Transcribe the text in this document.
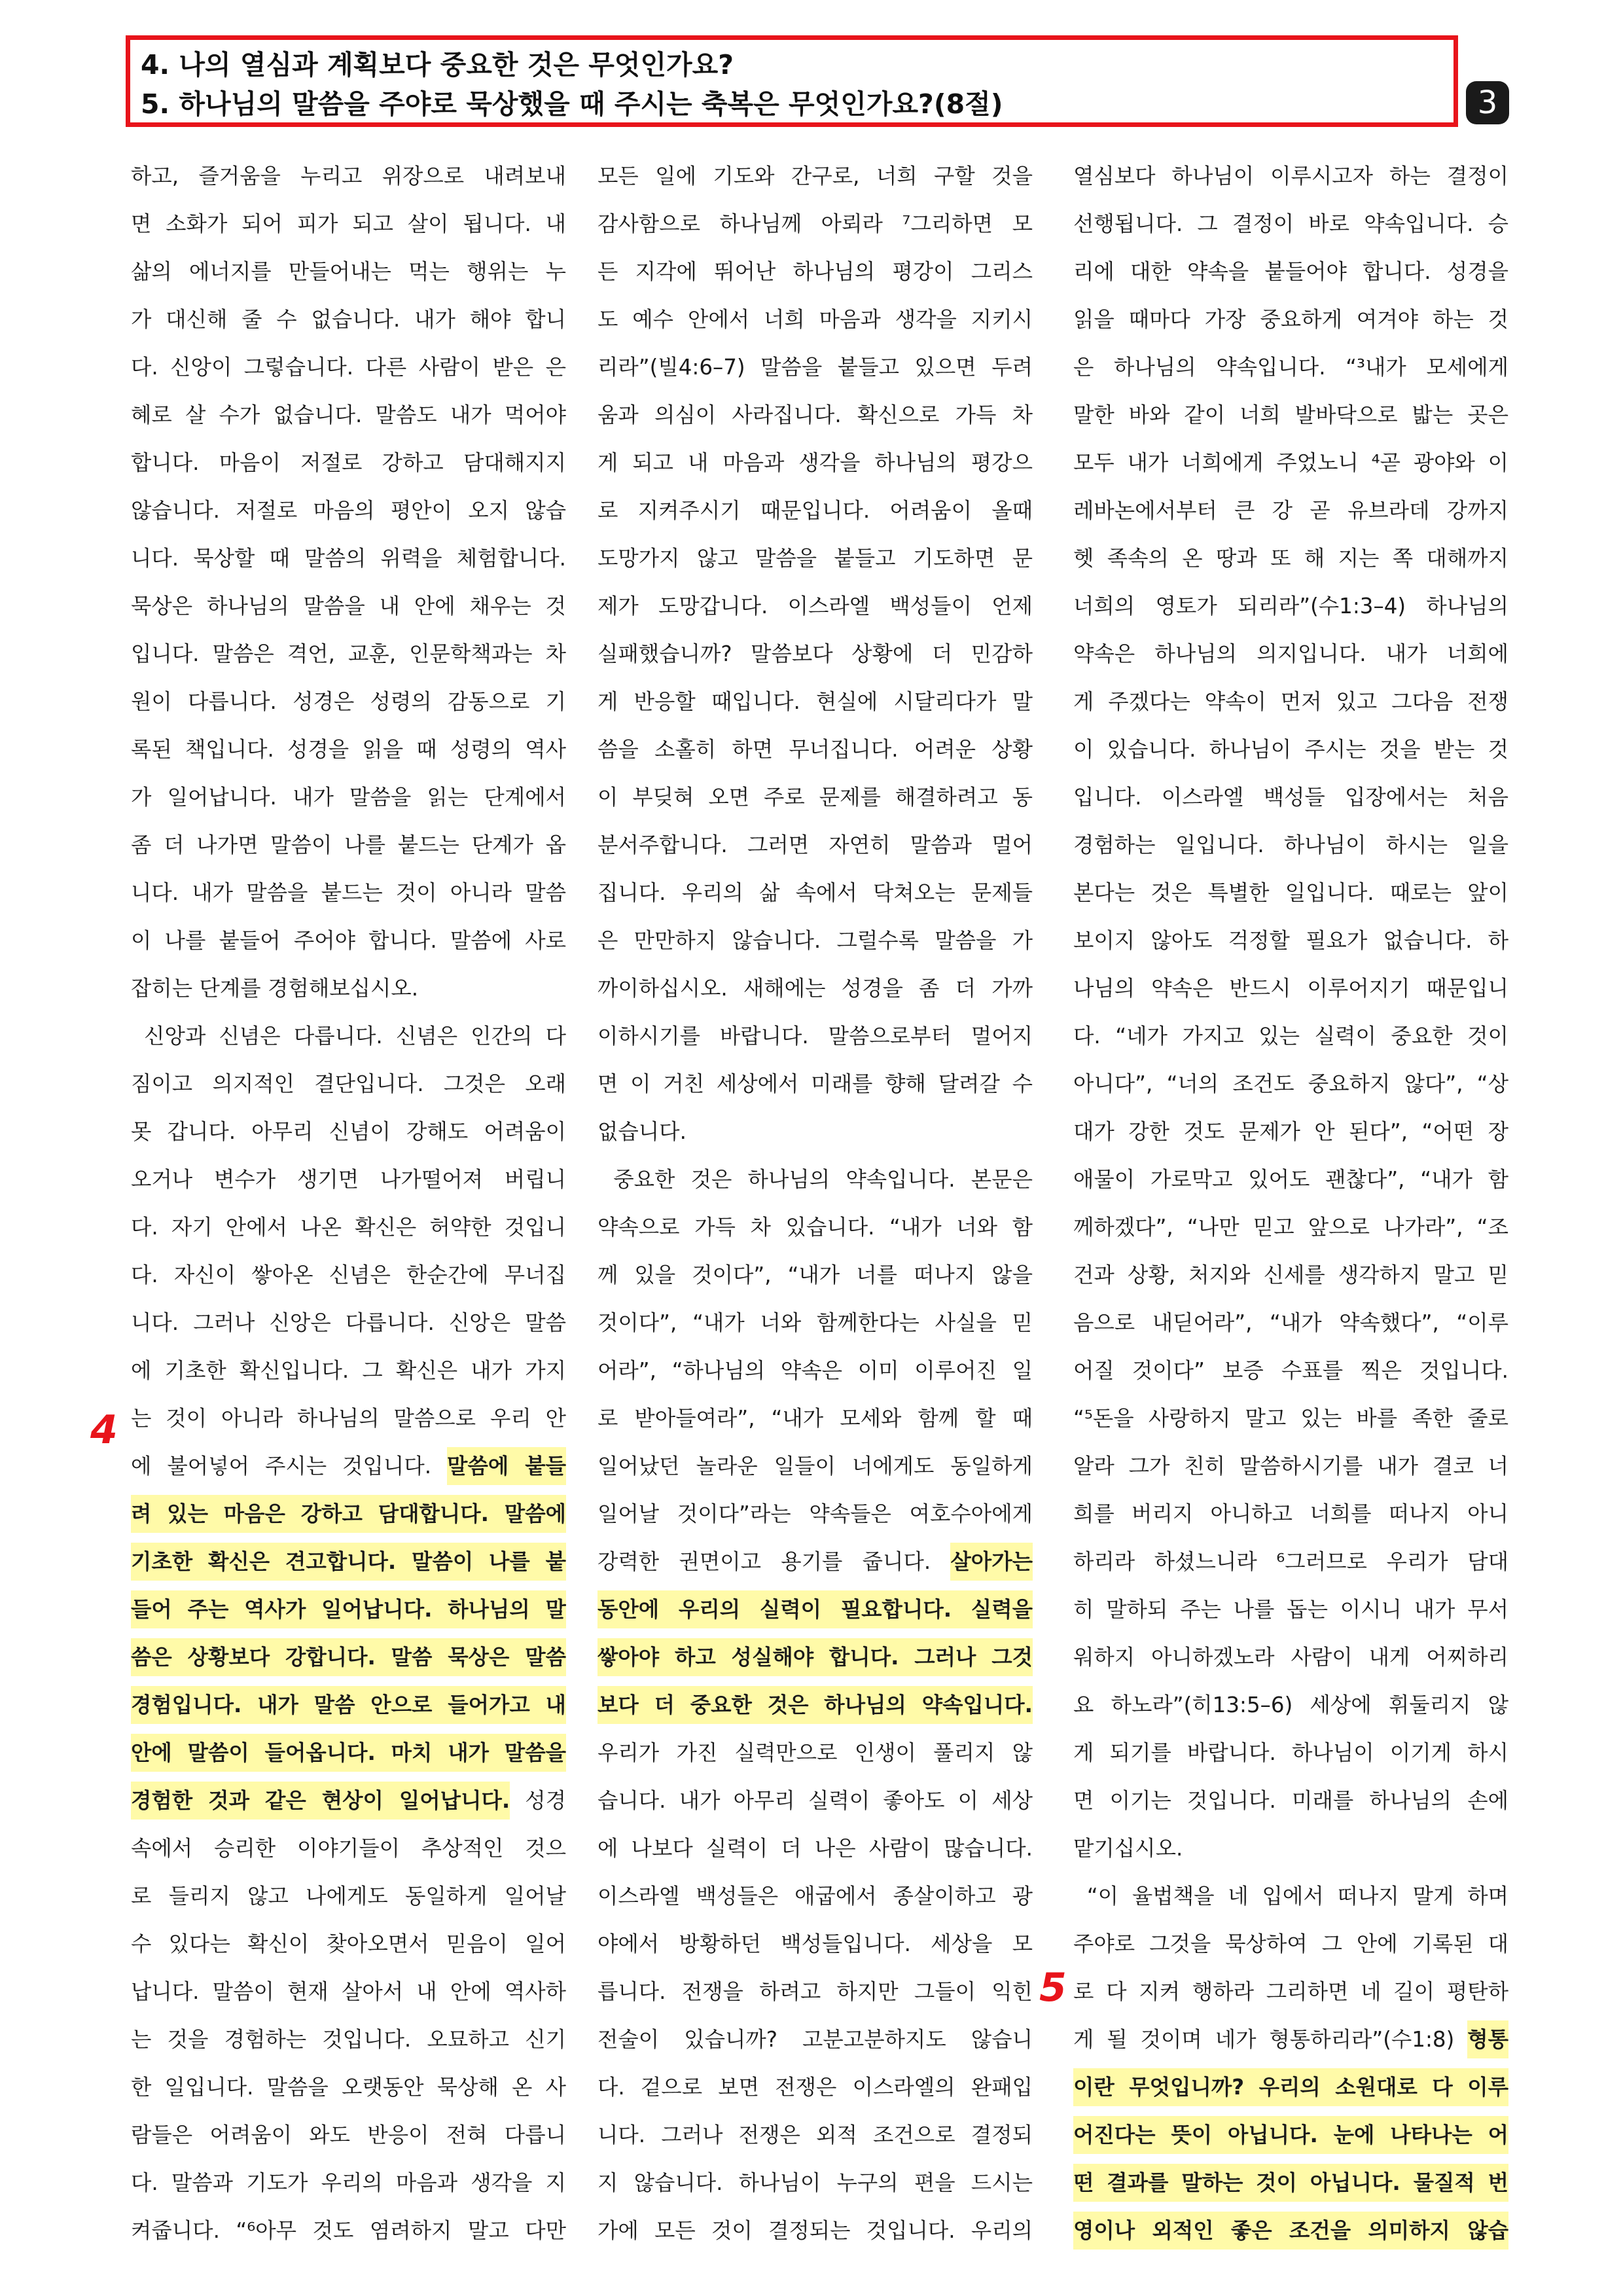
4. 나의 열심과 계획보다 중요한 것은 무엇인가요?
5. 하나님의 말씀을 주야로 묵상했을 때 주시는 축복은 무엇인가요?(8절)	3
4
5
하고, 즐거움을 누리고 위장으로 내려보내
면 소화가 되어 피가 되고 살이 됩니다. 내
삶의 에너지를 만들어내는 먹는 행위는 누
가 대신해 줄 수 없습니다. 내가 해야 합니
다. 신앙이 그렇습니다. 다른 사람이 받은 은
혜로 살 수가 없습니다. 말씀도 내가 먹어야
합니다. 마음이 저절로 강하고 담대해지지
않습니다. 저절로 마음의 평안이 오지 않습
니다. 묵상할 때 말씀의 위력을 체험합니다.
묵상은 하나님의 말씀을 내 안에 채우는 것
입니다. 말씀은 격언, 교훈, 인문학책과는 차
원이 다릅니다. 성경은 성령의 감동으로 기
록된 책입니다. 성경을 읽을 때 성령의 역사
가 일어납니다. 내가 말씀을 읽는 단계에서
좀 더 나가면 말씀이 나를 붙드는 단계가 옵
니다. 내가 말씀을 붙드는 것이 아니라 말씀
이 나를 붙들어 주어야 합니다. 말씀에 사로
잡히는 단계를 경험해보십시오.
신앙과 신념은 다릅니다. 신념은 인간의 다
짐이고 의지적인 결단입니다. 그것은 오래
못 갑니다. 아무리 신념이 강해도 어려움이
오거나 변수가 생기면 나가떨어져 버립니
다. 자기 안에서 나온 확신은 허약한 것입니
다. 자신이 쌓아온 신념은 한순간에 무너집
니다. 그러나 신앙은 다릅니다. 신앙은 말씀
에 기초한 확신입니다. 그 확신은 내가 가지
는 것이 아니라 하나님의 말씀으로 우리 안
에 불어넣어 주시는 것입니다. 말씀에 붙들
려 있는 마음은 강하고 담대합니다. 말씀에
기초한 확신은 견고합니다. 말씀이 나를 붙
들어 주는 역사가 일어납니다. 하나님의 말
씀은 상황보다 강합니다. 말씀 묵상은 말씀
경험입니다. 내가 말씀 안으로 들어가고 내
안에 말씀이 들어옵니다. 마치 내가 말씀을
경험한 것과 같은 현상이 일어납니다. 성경
속에서 승리한 이야기들이 추상적인 것으
로 들리지 않고 나에게도 동일하게 일어날
수 있다는 확신이 찾아오면서 믿음이 일어
납니다. 말씀이 현재 살아서 내 안에 역사하
는 것을 경험하는 것입니다. 오묘하고 신기
한 일입니다. 말씀을 오랫동안 묵상해 온 사
람들은 어려움이 와도 반응이 전혀 다릅니
다. 말씀과 기도가 우리의 마음과 생각을 지
켜줍니다. “⁶아무 것도 염려하지 말고 다만
모든 일에 기도와 간구로, 너희 구할 것을
감사함으로 하나님께 아뢰라 ⁷그리하면 모
든 지각에 뛰어난 하나님의 평강이 그리스
도 예수 안에서 너희 마음과 생각을 지키시
리라”(빌4:6–7) 말씀을 붙들고 있으면 두려
움과 의심이 사라집니다. 확신으로 가득 차
게 되고 내 마음과 생각을 하나님의 평강으
로 지켜주시기 때문입니다. 어려움이 올때
도망가지 않고 말씀을 붙들고 기도하면 문
제가 도망갑니다. 이스라엘 백성들이 언제
실패했습니까? 말씀보다 상황에 더 민감하
게 반응할 때입니다. 현실에 시달리다가 말
씀을 소홀히 하면 무너집니다. 어려운 상황
이 부딪혀 오면 주로 문제를 해결하려고 동
분서주합니다. 그러면 자연히 말씀과 멀어
집니다. 우리의 삶 속에서 닥쳐오는 문제들
은 만만하지 않습니다. 그럴수록 말씀을 가
까이하십시오. 새해에는 성경을 좀 더 가까
이하시기를 바랍니다. 말씀으로부터 멀어지
면 이 거친 세상에서 미래를 향해 달려갈 수
없습니다.
중요한 것은 하나님의 약속입니다. 본문은
약속으로 가득 차 있습니다. “내가 너와 함
께 있을 것이다”, “내가 너를 떠나지 않을
것이다”, “내가 너와 함께한다는 사실을 믿
어라”, “하나님의 약속은 이미 이루어진 일
로 받아들여라”, “내가 모세와 함께 할 때
일어났던 놀라운 일들이 너에게도 동일하게
일어날 것이다”라는 약속들은 여호수아에게
강력한 권면이고 용기를 줍니다. 살아가는
동안에 우리의 실력이 필요합니다. 실력을
쌓아야 하고 성실해야 합니다. 그러나 그것
보다 더 중요한 것은 하나님의 약속입니다.
우리가 가진 실력만으로 인생이 풀리지 않
습니다. 내가 아무리 실력이 좋아도 이 세상
에 나보다 실력이 더 나은 사람이 많습니다.
이스라엘 백성들은 애굽에서 종살이하고 광
야에서 방황하던 백성들입니다. 세상을 모
릅니다. 전쟁을 하려고 하지만 그들이 익힌
전술이 있습니까? 고분고분하지도 않습니
다. 겉으로 보면 전쟁은 이스라엘의 완패입
니다. 그러나 전쟁은 외적 조건으로 결정되
지 않습니다. 하나님이 누구의 편을 드시는
가에 모든 것이 결정되는 것입니다. 우리의
열심보다 하나님이 이루시고자 하는 결정이
선행됩니다. 그 결정이 바로 약속입니다. 승
리에 대한 약속을 붙들어야 합니다. 성경을
읽을 때마다 가장 중요하게 여겨야 하는 것
은 하나님의 약속입니다. “³내가 모세에게
말한 바와 같이 너희 발바닥으로 밟는 곳은
모두 내가 너희에게 주었노니 ⁴곧 광야와 이
레바논에서부터 큰 강 곧 유브라데 강까지
헷 족속의 온 땅과 또 해 지는 쪽 대해까지
너희의 영토가 되리라”(수1:3–4) 하나님의
약속은 하나님의 의지입니다. 내가 너희에
게 주겠다는 약속이 먼저 있고 그다음 전쟁
이 있습니다. 하나님이 주시는 것을 받는 것
입니다. 이스라엘 백성들 입장에서는 처음
경험하는 일입니다. 하나님이 하시는 일을
본다는 것은 특별한 일입니다. 때로는 앞이
보이지 않아도 걱정할 필요가 없습니다. 하
나님의 약속은 반드시 이루어지기 때문입니
다. “네가 가지고 있는 실력이 중요한 것이
아니다”, “너의 조건도 중요하지 않다”, “상
대가 강한 것도 문제가 안 된다”, “어떤 장
애물이 가로막고 있어도 괜찮다”, “내가 함
께하겠다”, “나만 믿고 앞으로 나가라”, “조
건과 상황, 처지와 신세를 생각하지 말고 믿
음으로 내딛어라”, “내가 약속했다”, “이루
어질 것이다” 보증 수표를 찍은 것입니다.
“⁵돈을 사랑하지 말고 있는 바를 족한 줄로
알라 그가 친히 말씀하시기를 내가 결코 너
희를 버리지 아니하고 너희를 떠나지 아니
하리라 하셨느니라 ⁶그러므로 우리가 담대
히 말하되 주는 나를 돕는 이시니 내가 무서
워하지 아니하겠노라 사람이 내게 어찌하리
요 하노라”(히13:5–6) 세상에 휘둘리지 않
게 되기를 바랍니다. 하나님이 이기게 하시
면 이기는 것입니다. 미래를 하나님의 손에
맡기십시오.
“이 율법책을 네 입에서 떠나지 말게 하며
주야로 그것을 묵상하여 그 안에 기록된 대
로 다 지켜 행하라 그리하면 네 길이 평탄하
게 될 것이며 네가 형통하리라”(수1:8) 형통
이란 무엇입니까? 우리의 소원대로 다 이루
어진다는 뜻이 아닙니다. 눈에 나타나는 어
떤 결과를 말하는 것이 아닙니다. 물질적 번
영이나 외적인 좋은 조건을 의미하지 않습
